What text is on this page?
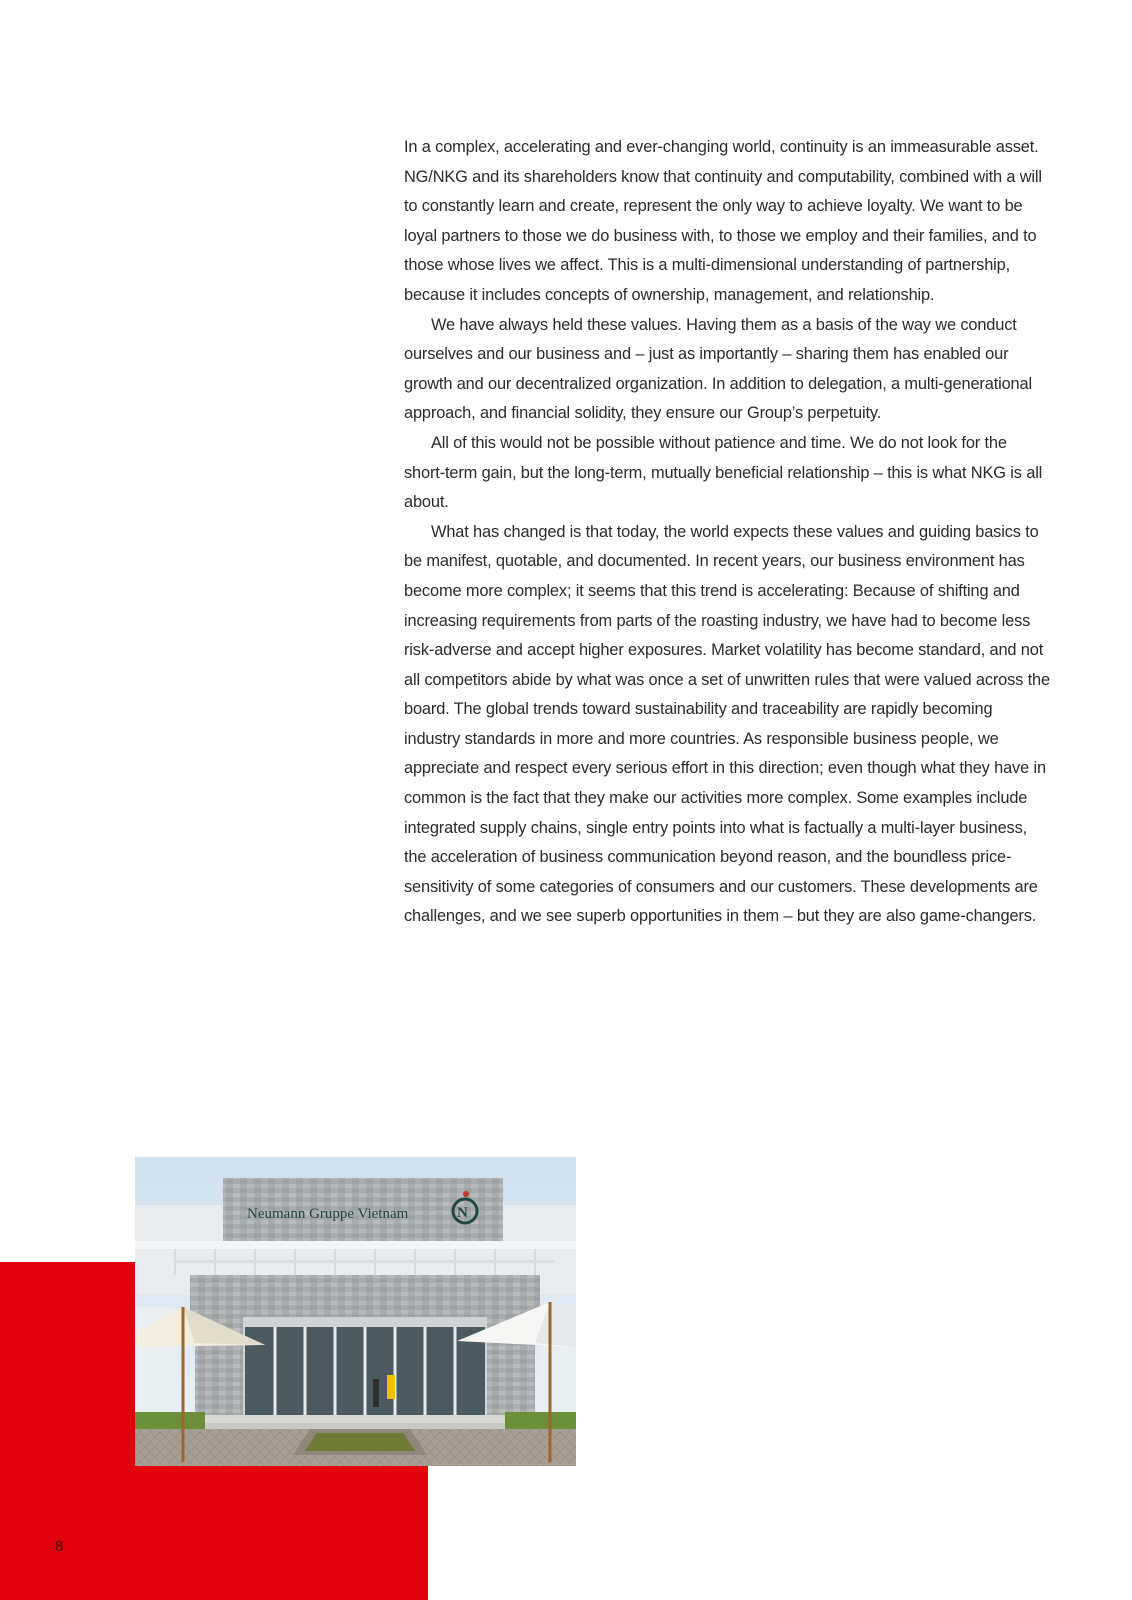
In a complex, accelerating and ever-changing world, continuity is an immeasurable asset. NG/NKG and its shareholders know that continuity and computability, combined with a will to constantly learn and create, represent the only way to achieve loyalty. We want to be loyal partners to those we do business with, to those we employ and their families, and to those whose lives we affect. This is a multi-dimensional understanding of partnership, because it includes concepts of ownership, management, and relationship.

We have always held these values. Having them as a basis of the way we conduct ourselves and our business and – just as importantly – sharing them has enabled our growth and our decentralized organization. In addition to delegation, a multi-generational approach, and financial solidity, they ensure our Group’s perpetuity.

All of this would not be possible without patience and time. We do not look for the short-term gain, but the long-term, mutually beneficial relationship – this is what NKG is all about.

What has changed is that today, the world expects these values and guiding basics to be manifest, quotable, and documented. In recent years, our business environment has become more complex; it seems that this trend is accelerating: Because of shifting and increasing requirements from parts of the roasting industry, we have had to become less risk-adverse and accept higher exposures. Market volatility has become standard, and not all competitors abide by what was once a set of unwritten rules that were valued across the board. The global trends toward sustainability and traceability are rapidly becoming industry standards in more and more countries. As responsible business people, we appreciate and respect every serious effort in this direction; even though what they have in common is the fact that they make our activities more complex. Some examples include integrated supply chains, single entry points into what is factually a multi-layer business, the acceleration of business communication beyond reason, and the boundless price-sensitivity of some categories of consumers and our customers. These developments are challenges, and we see superb opportunities in them – but they are also game-changers.

Neumann Gruppe Vietnam	N
8
